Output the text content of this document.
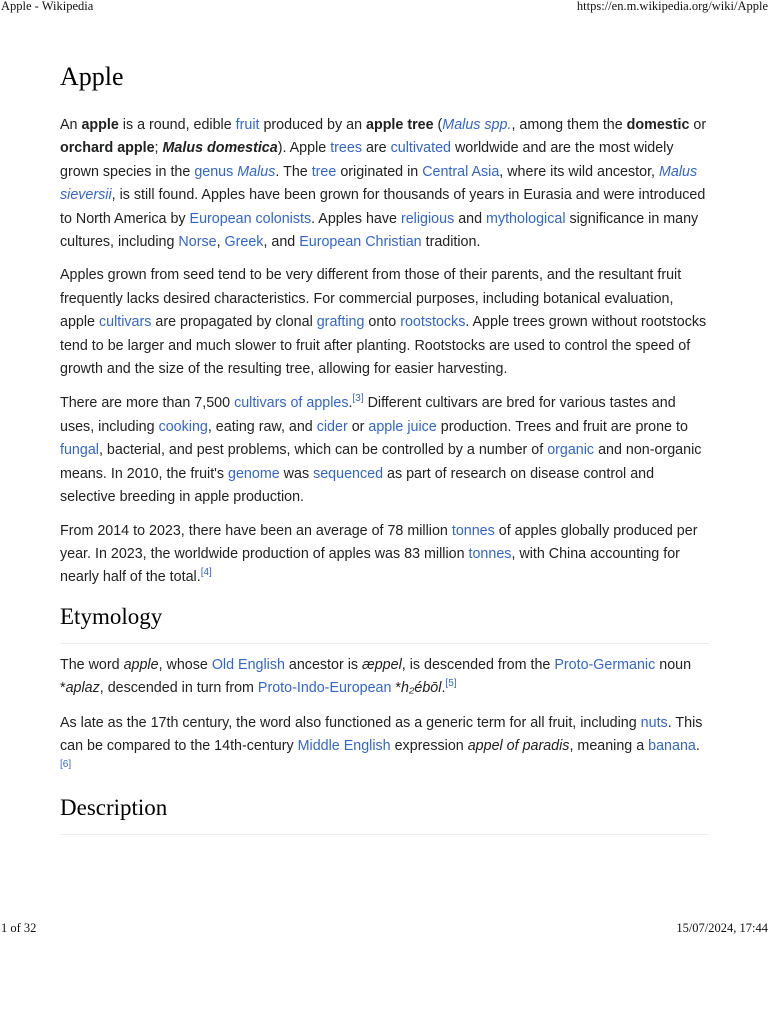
Apple - Wikipedia	https://en.m.wikipedia.org/wiki/Apple
Apple

An apple is a round, edible fruit produced by an apple tree (Malus spp., among them the domestic or orchard apple; Malus domestica). Apple trees are cultivated worldwide and are the most widely grown species in the genus Malus. The tree originated in Central Asia, where its wild ancestor, Malus sieversii, is still found. Apples have been grown for thousands of years in Eurasia and were introduced to North America by European colonists. Apples have religious and mythological significance in many cultures, including Norse, Greek, and European Christian tradition.

Apples grown from seed tend to be very different from those of their parents, and the resultant fruit frequently lacks desired characteristics. For commercial purposes, including botanical evaluation, apple cultivars are propagated by clonal grafting onto rootstocks. Apple trees grown without rootstocks tend to be larger and much slower to fruit after planting. Rootstocks are used to control the speed of growth and the size of the resulting tree, allowing for easier harvesting.

There are more than 7,500 cultivars of apples.[3] Different cultivars are bred for various tastes and uses, including cooking, eating raw, and cider or apple juice production. Trees and fruit are prone to fungal, bacterial, and pest problems, which can be controlled by a number of organic and non-organic means. In 2010, the fruit's genome was sequenced as part of research on disease control and selective breeding in apple production.

From 2014 to 2023, there have been an average of 78 million tonnes of apples globally produced per year. In 2023, the worldwide production of apples was 83 million tonnes, with China accounting for nearly half of the total.[4]

Etymology

The word apple, whose Old English ancestor is æppel, is descended from the Proto-Germanic noun *aplaz, descended in turn from Proto-Indo-European *h₂ébōl.[5]

As late as the 17th century, the word also functioned as a generic term for all fruit, including nuts. This can be compared to the 14th-century Middle English expression appel of paradis, meaning a banana.[6]

Description
1 of 32	15/07/2024, 17:44
